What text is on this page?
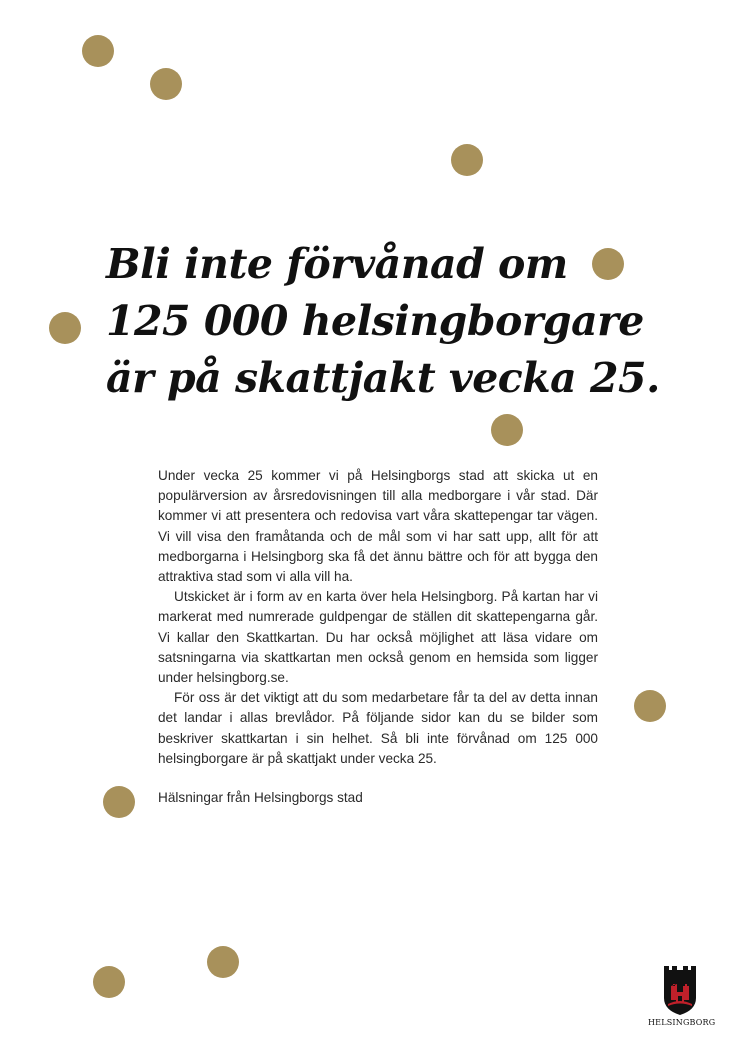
Bli inte förvånad om
125 000 helsingborgare
är på skattjakt vecka 25.

Under vecka 25 kommer vi på Helsingborgs stad att skicka ut en populärversion av årsredovisningen till alla medborgare i vår stad. Där kommer vi att presentera och redovisa vart våra skattepengar tar vägen. Vi vill visa den framåtanda och de mål som vi har satt upp, allt för att medborgarna i Helsingborg ska få det ännu bättre och för att bygga den attraktiva stad som vi alla vill ha.

Utskicket är i form av en karta över hela Helsingborg. På kartan har vi markerat med numrerade guldpengar de ställen dit skattepengarna går. Vi kallar den Skattkartan. Du har också möjlighet att läsa vidare om satsningarna via skattkartan men också genom en hemsida som ligger under helsingborg.se.

För oss är det viktigt att du som medarbetare får ta del av detta innan det landar i allas brevlådor. På följande sidor kan du se bilder som beskriver skattkartan i sin helhet. Så bli inte förvånad om 125 000 helsingborgare är på skattjakt under vecka 25.

Hälsningar från Helsingborgs stad
HELSINGBORG
